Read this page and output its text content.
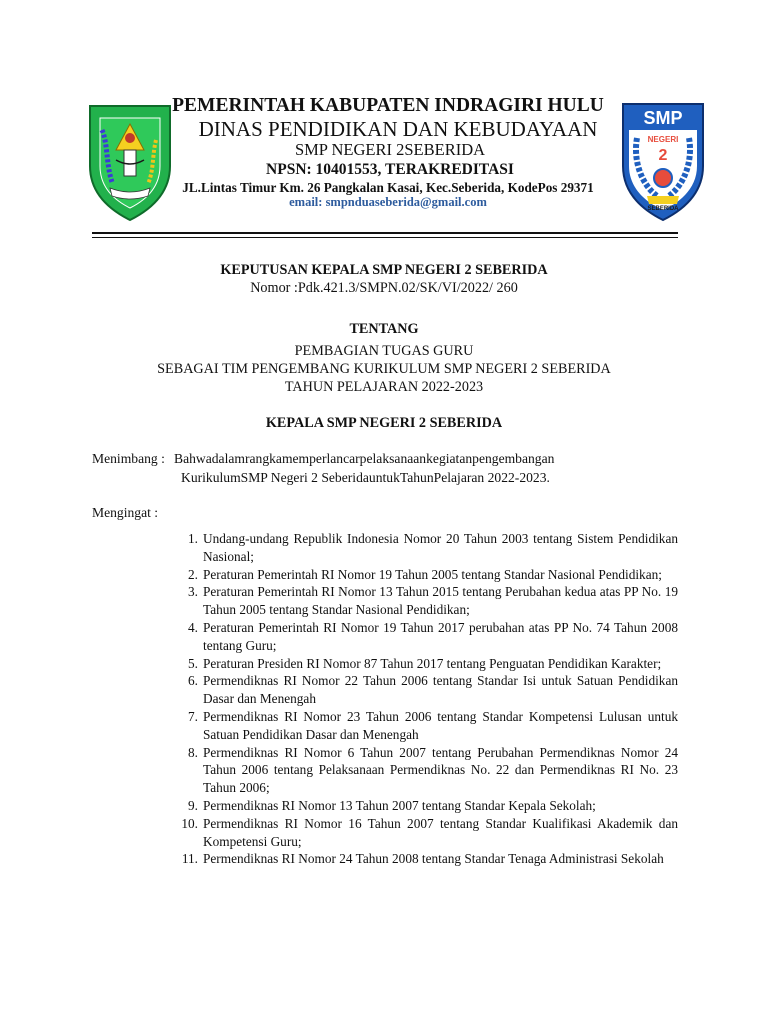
SMP
NEGERI
2
SEBERIDA
PEMERINTAH KABUPATEN INDRAGIRI HULU
DINAS PENDIDIKAN DAN KEBUDAYAAN
SMP NEGERI 2SEBERIDA
NPSN: 10401553, TERAKREDITASI
JL.Lintas Timur Km. 26 Pangkalan Kasai, Kec.Seberida, KodePos 29371
email: smpnduaseberida@gmail.com
KEPUTUSAN KEPALA SMP NEGERI 2 SEBERIDA
Nomor :Pdk.421.3/SMPN.02/SK/VI/2022/ 260
TENTANG
PEMBAGIAN TUGAS GURU
SEBAGAI TIM PENGEMBANG KURIKULUM SMP NEGERI 2 SEBERIDA
TAHUN PELAJARAN 2022-2023
KEPALA SMP NEGERI 2 SEBERIDA
Menimbang : Bahwadalamrangkamemperlancarpelaksanaankegiatanpengembangan
KurikulumSMP Negeri 2 SeberidauntukTahunPelajaran 2022-2023.
Mengingat :
1. Undang-undang Republik Indonesia Nomor 20 Tahun 2003 tentang Sistem Pendidikan Nasional;
2. Peraturan Pemerintah RI Nomor 19 Tahun 2005 tentang Standar Nasional Pendidikan;
3. Peraturan Pemerintah RI Nomor 13 Tahun 2015 tentang Perubahan kedua atas PP No. 19 Tahun 2005 tentang Standar Nasional Pendidikan;
4. Peraturan Pemerintah RI Nomor 19 Tahun 2017 perubahan atas PP No. 74 Tahun 2008 tentang Guru;
5. Peraturan Presiden RI Nomor 87 Tahun 2017 tentang Penguatan Pendidikan Karakter;
6. Permendiknas RI Nomor 22 Tahun 2006 tentang Standar Isi untuk Satuan Pendidikan Dasar dan Menengah
7. Permendiknas RI Nomor 23 Tahun 2006 tentang Standar Kompetensi Lulusan untuk Satuan Pendidikan Dasar dan Menengah
8. Permendiknas RI Nomor 6 Tahun 2007 tentang Perubahan Permendiknas Nomor 24 Tahun 2006 tentang Pelaksanaan Permendiknas No. 22 dan Permendiknas RI No. 23 Tahun 2006;
9. Permendiknas RI Nomor 13 Tahun 2007 tentang Standar Kepala Sekolah;
10. Permendiknas RI Nomor 16 Tahun 2007 tentang Standar Kualifikasi Akademik dan Kompetensi Guru;
11. Permendiknas RI Nomor 24 Tahun 2008 tentang Standar Tenaga Administrasi Sekolah
